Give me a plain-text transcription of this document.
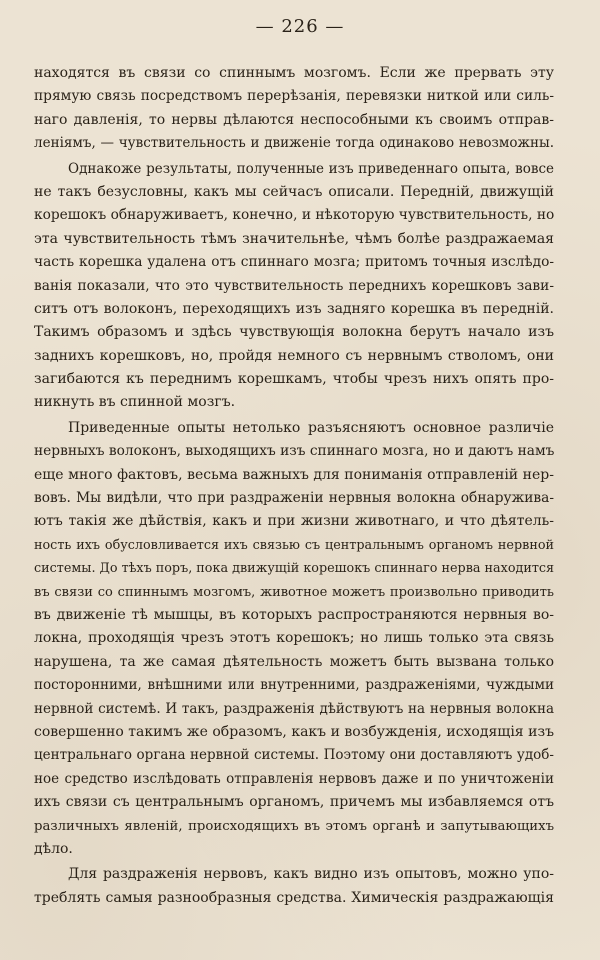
— 226 —
находятся въ связи со спиннымъ мозгомъ. Если же прервать эту
прямую связь посредствомъ перерѣзанія, перевязки ниткой или силь-
наго давленія, то нервы дѣлаются неспособными къ своимъ отправ-
леніямъ, — чувствительность и движеніе тогда одинаково невозможны.
Однакоже результаты, полученные изъ приведеннаго опыта, вовсе
не такъ безусловны, какъ мы сейчасъ описали. Передній, движущій
корешокъ обнаруживаетъ, конечно, и нѣкоторую чувствительность, но
эта чувствительность тѣмъ значительнѣе, чѣмъ болѣе раздражаемая
часть корешка удалена отъ спиннаго мозга; притомъ точныя изслѣдо-
ванія показали, что это чувствительность переднихъ корешковъ зави-
ситъ отъ волоконъ, переходящихъ изъ задняго корешка въ передній.
Такимъ образомъ и здѣсь чувствующія волокна берутъ начало изъ
заднихъ корешковъ, но, пройдя немного съ нервнымъ стволомъ, они
загибаются къ переднимъ корешкамъ, чтобы чрезъ нихъ опять про-
никнуть въ спинной мозгъ.
Приведенные опыты нетолько разъясняютъ основное различіе
нервныхъ волоконъ, выходящихъ изъ спиннаго мозга, но и даютъ намъ
еще много фактовъ, весьма важныхъ для пониманія отправленій нер-
вовъ. Мы видѣли, что при раздраженіи нервныя волокна обнаружива-
ютъ такія же дѣйствія, какъ и при жизни животнаго, и что дѣятель-
ность ихъ обусловливается ихъ связью съ центральнымъ органомъ нервной
системы. До тѣхъ поръ, пока движущій корешокъ спиннаго нерва находится
въ связи со спиннымъ мозгомъ, животное можетъ произвольно приводить
въ движеніе тѣ мышцы, въ которыхъ распространяются нервныя во-
локна, проходящія чрезъ этотъ корешокъ; но лишь только эта связь
нарушена, та же самая дѣятельность можетъ быть вызвана только
посторонними, внѣшними или внутренними, раздраженіями, чуждыми
нервной системѣ. И такъ, раздраженія дѣйствуютъ на нервныя волокна
совершенно такимъ же образомъ, какъ и возбужденія, исходящія изъ
центральнаго органа нервной системы. Поэтому они доставляютъ удоб-
ное средство изслѣдовать отправленія нервовъ даже и по уничтоженіи
ихъ связи съ центральнымъ органомъ, причемъ мы избавляемся отъ
различныхъ явленій, происходящихъ въ этомъ органѣ и запутывающихъ
дѣло.
Для раздраженія нервовъ, какъ видно изъ опытовъ, можно упо-
треблять самыя разнообразныя средства. Химическія раздражающія
